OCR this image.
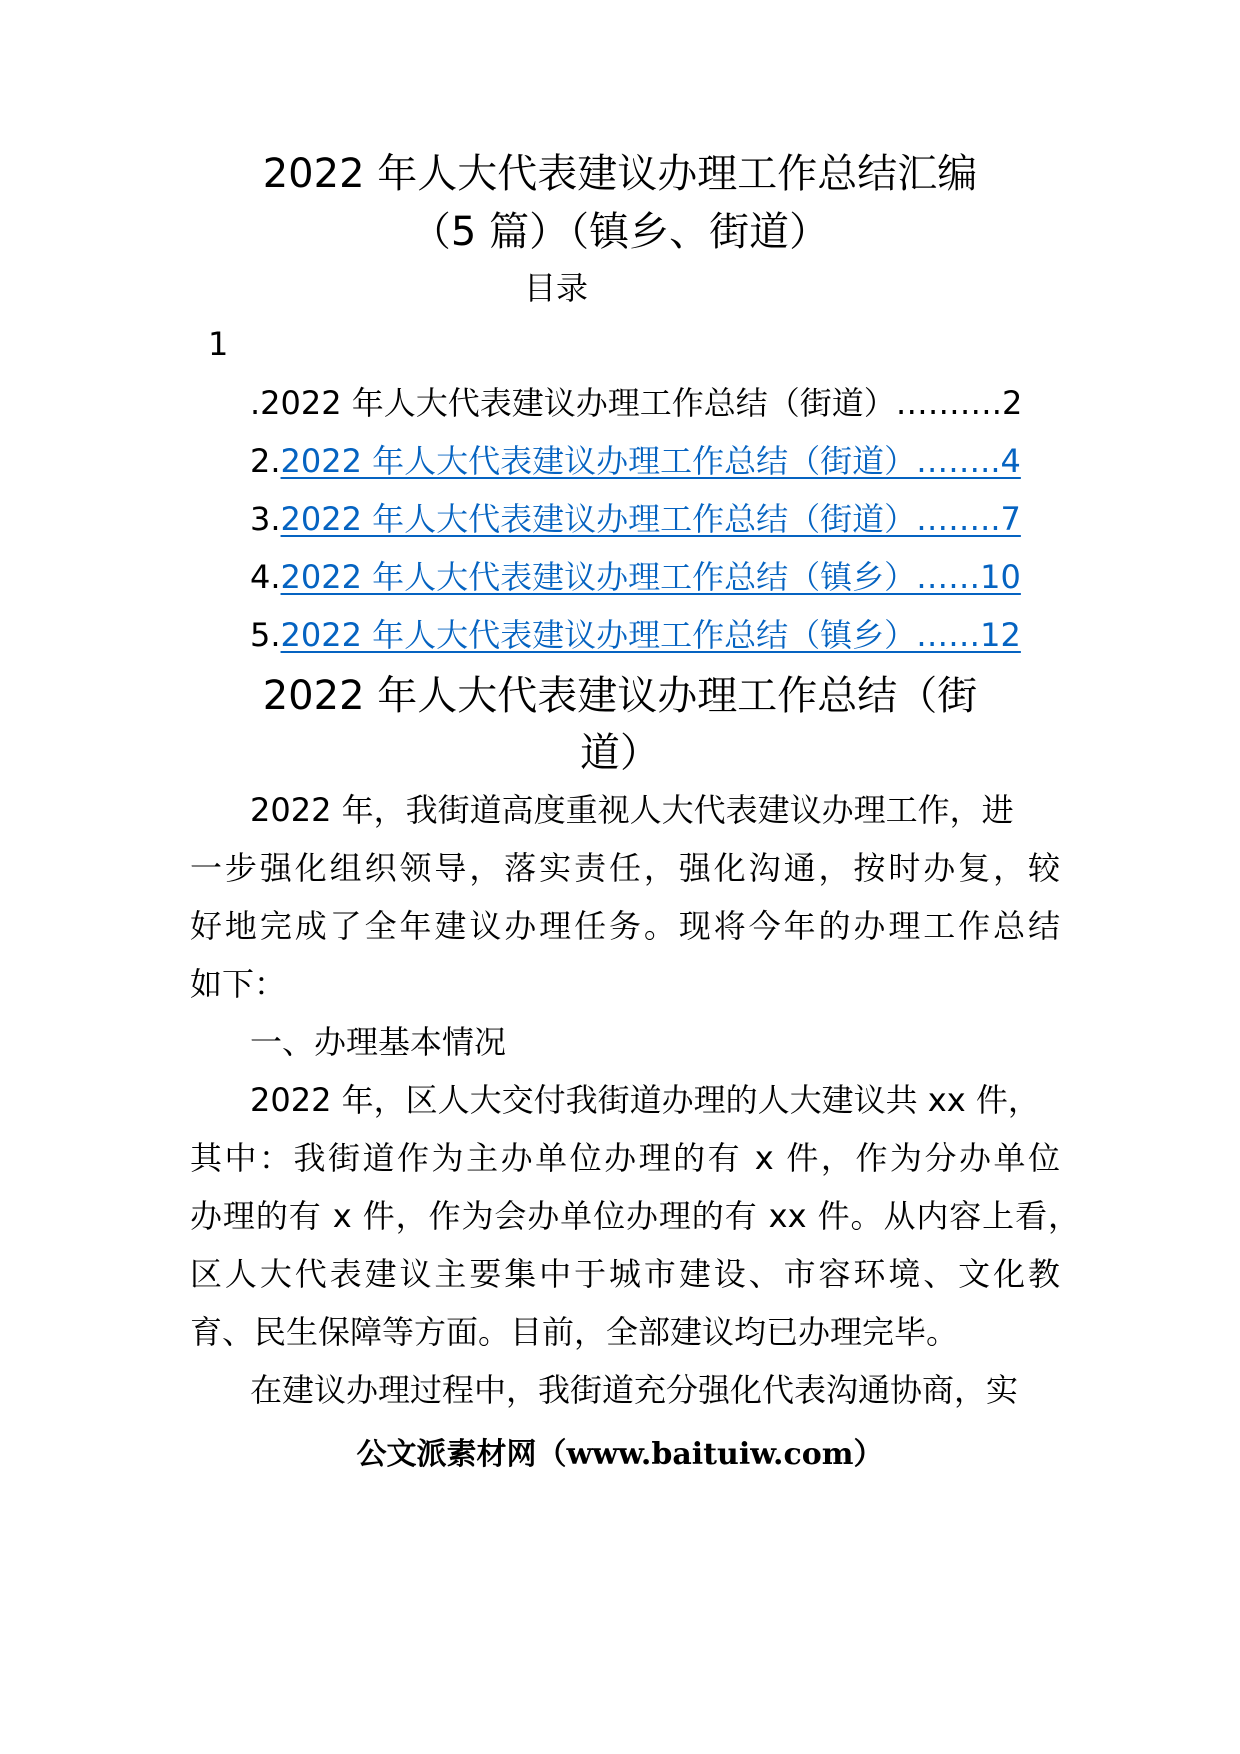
2022 年人大代表建议办理工作总结汇编
（5 篇）（镇乡、街道）
目录
1
.2022 年人大代表建议办理工作总结（街道）……….2
2.2022 年人大代表建议办理工作总结（街道）……..4
3.2022 年人大代表建议办理工作总结（街道）……..7
4.2022 年人大代表建议办理工作总结（镇乡）……10
5.2022 年人大代表建议办理工作总结（镇乡）……12
2022 年人大代表建议办理工作总结（街
道）
2022 年，我街道高度重视人大代表建议办理工作，进
一步强化组织领导，落实责任，强化沟通，按时办复，较
好地完成了全年建议办理任务。现将今年的办理工作总结
如下：
一、办理基本情况
2022 年，区人大交付我街道办理的人大建议共 xx 件，
其中：我街道作为主办单位办理的有 x 件，作为分办单位
办理的有 x 件，作为会办单位办理的有 xx 件。从内容上看，
区人大代表建议主要集中于城市建设、市容环境、文化教
育、民生保障等方面。目前，全部建议均已办理完毕。
在建议办理过程中，我街道充分强化代表沟通协商，实
公文派素材网（www.baituiw.com）
